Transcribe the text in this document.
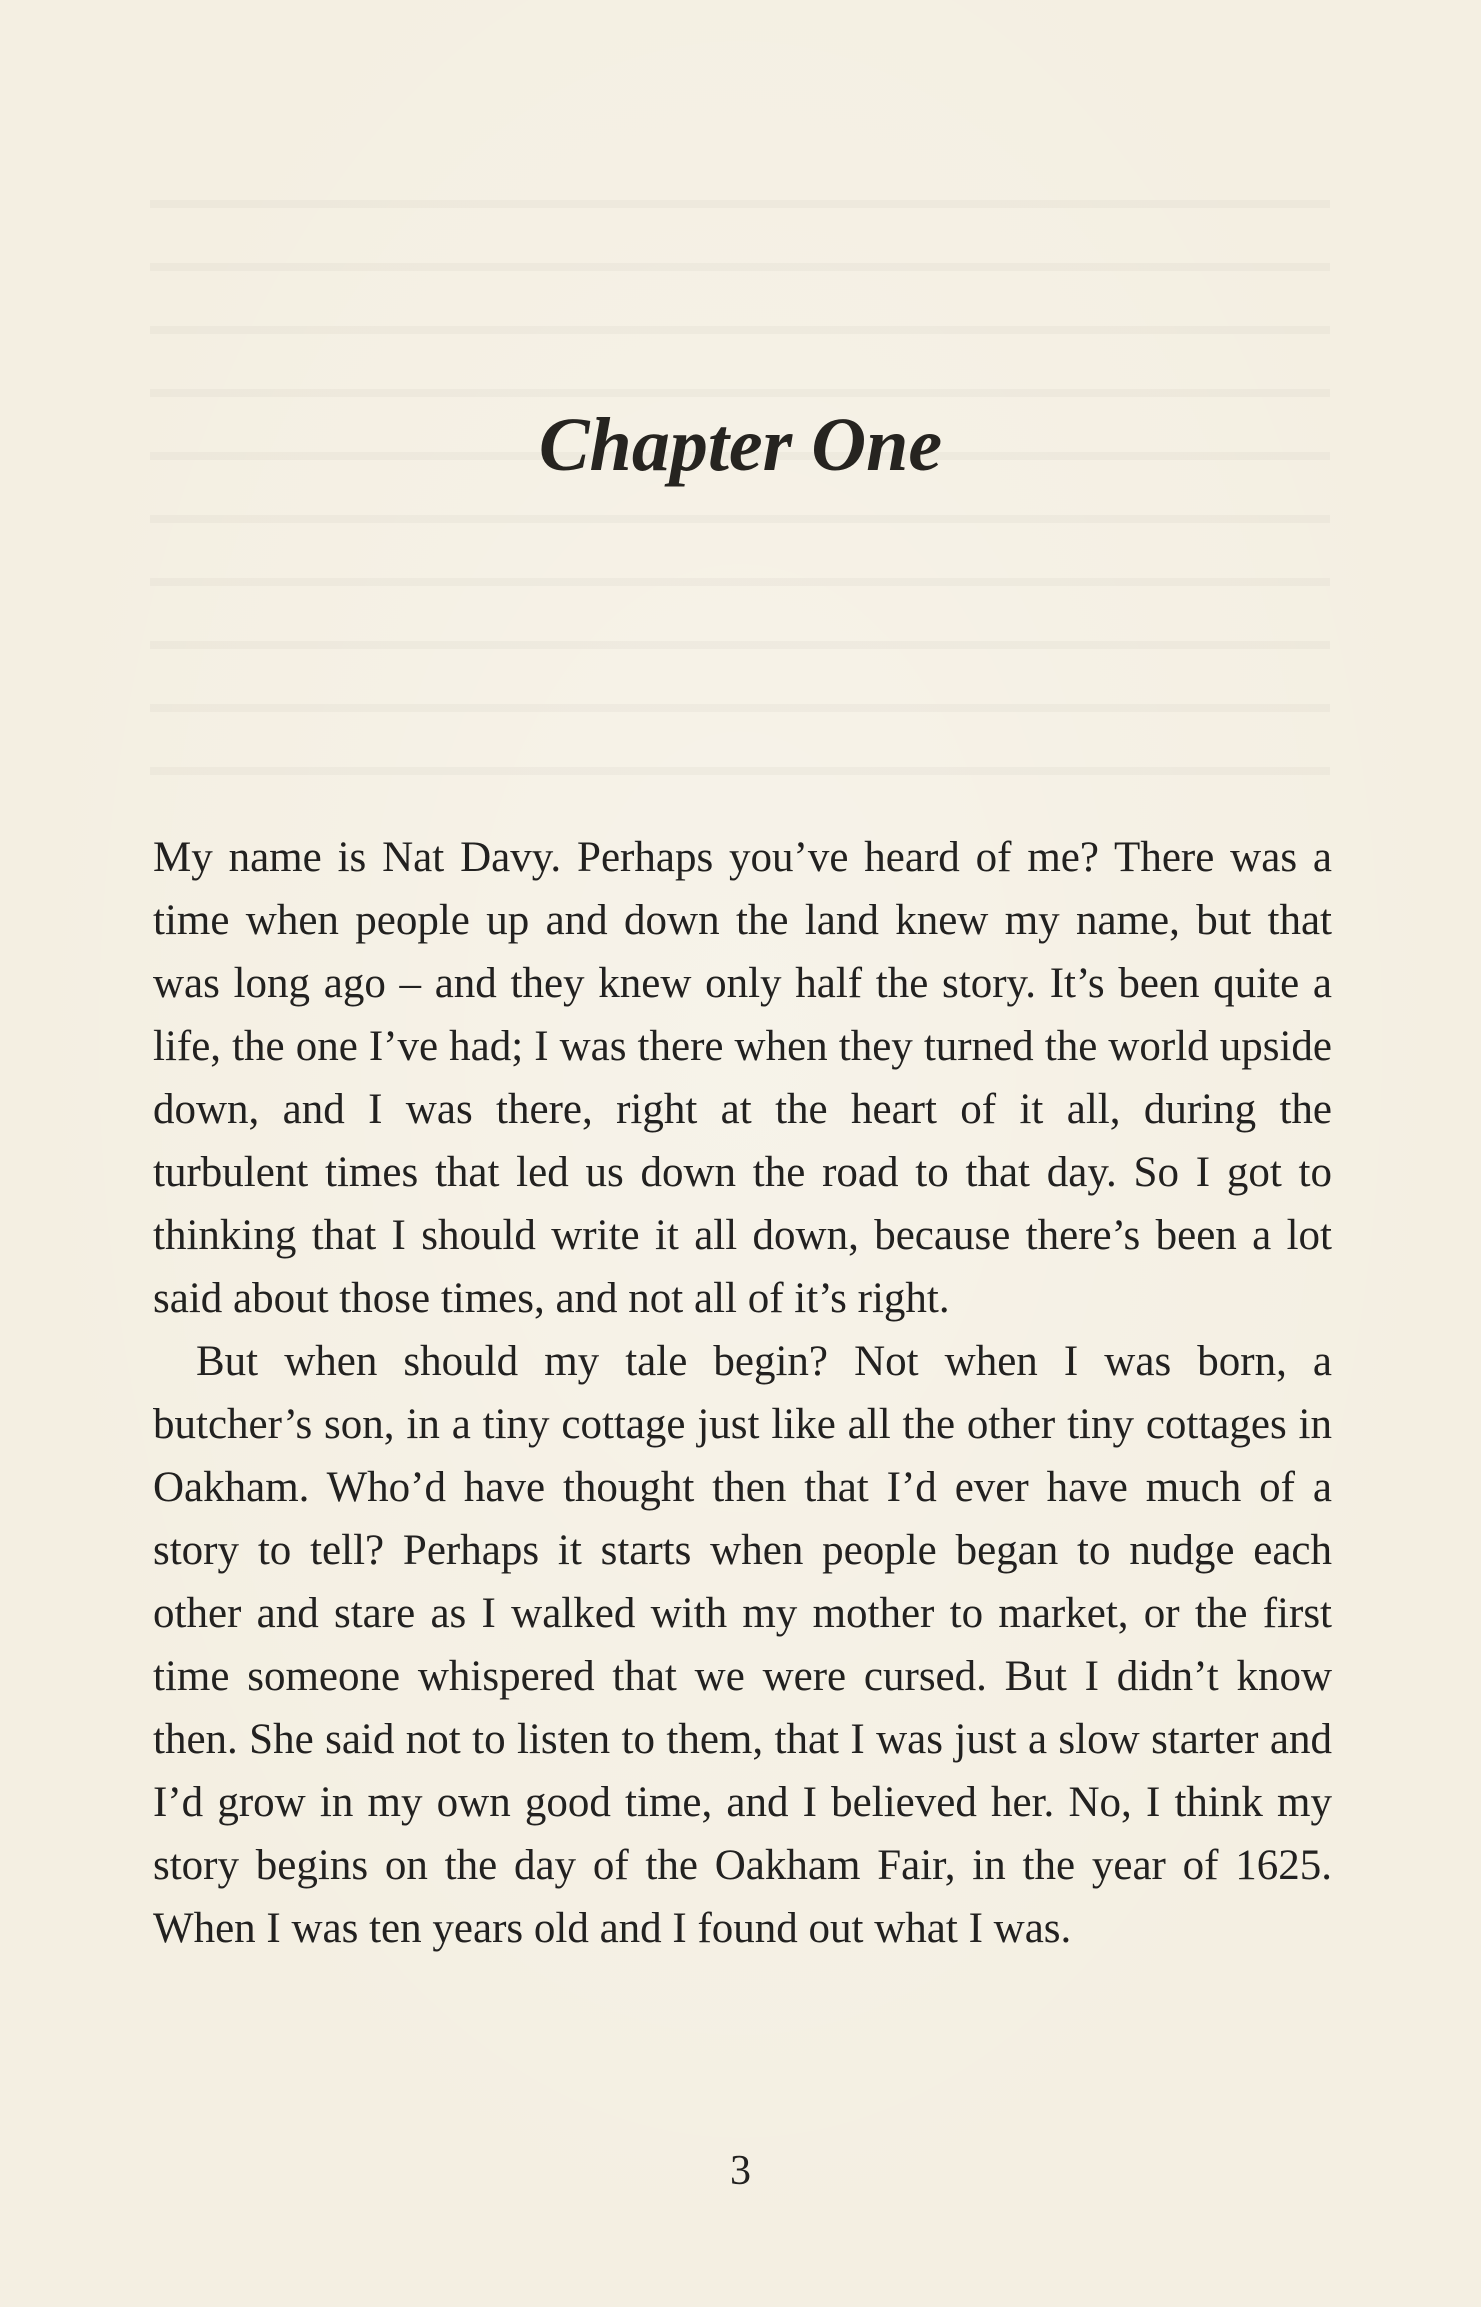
Chapter One

My name is Nat Davy. Perhaps you’ve heard of me? There was a time when people up and down the land knew my name, but that was long ago – and they knew only half the story. It’s been quite a life, the one I’ve had; I was there when they turned the world upside down, and I was there, right at the heart of it all, during the turbulent times that led us down the road to that day. So I got to thinking that I should write it all down, because there’s been a lot said about those times, and not all of it’s right.

But when should my tale begin? Not when I was born, a butcher’s son, in a tiny cottage just like all the other tiny cottages in Oakham. Who’d have thought then that I’d ever have much of a story to tell? Perhaps it starts when people began to nudge each other and stare as I walked with my mother to market, or the first time someone whispered that we were cursed. But I didn’t know then. She said not to listen to them, that I was just a slow starter and I’d grow in my own good time, and I believed her. No, I think my story begins on the day of the Oakham Fair, in the year of 1625. When I was ten years old and I found out what I was.

3
